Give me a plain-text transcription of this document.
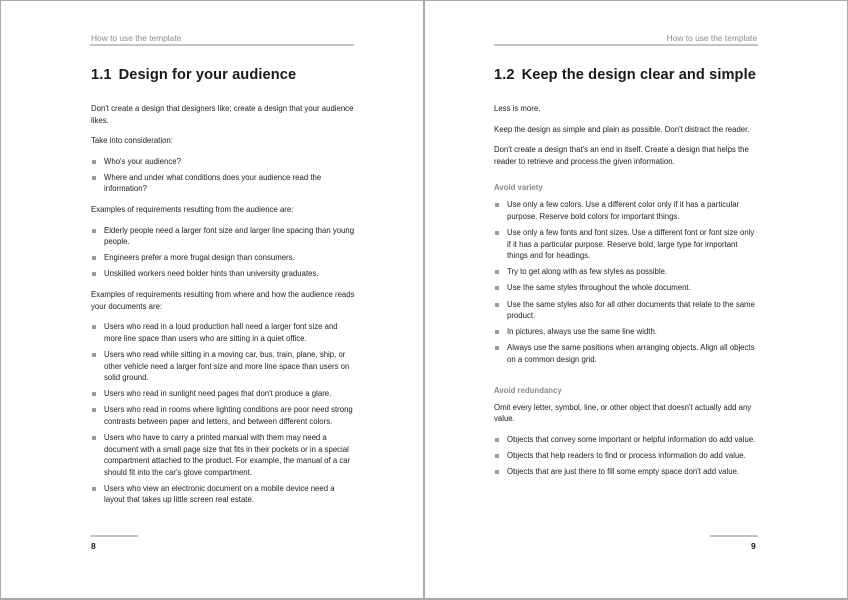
How to use the template
1.1 Design for your audience

Don't create a design that designers like; create a design that your audience likes.

Take into consideration:

Who's your audience?
Where and under what conditions does your audience read the information?

Examples of requirements resulting from the audience are:

Elderly people need a larger font size and larger line spacing than young people.
Engineers prefer a more frugal design than consumers.
Unskilled workers need bolder hints than university graduates.

Examples of requirements resulting from where and how the audience reads your documents are:

Users who read in a loud production hall need a larger font size and more line space than users who are sitting in a quiet office.
Users who read while sitting in a moving car, bus, train, plane, ship, or other vehicle need a larger font size and more line space than users on solid ground.
Users who read in sunlight need pages that don't produce a glare.
Users who read in rooms where lighting conditions are poor need strong contrasts between paper and letters, and between different colors.
Users who have to carry a printed manual with them may need a document with a small page size that fits in their pockets or in a special compartment attached to the product. For example, the manual of a car should fit into the car's glove compartment.
Users who view an electronic document on a mobile device need a layout that takes up little screen real estate.
8
How to use the template
1.2 Keep the design clear and simple

Less is more.

Keep the design as simple and plain as possible. Don't distract the reader.

Don't create a design that's an end in itself. Create a design that helps the reader to retrieve and process the given information.

Avoid variety
Use only a few colors. Use a different color only if it has a particular purpose. Reserve bold colors for important things.
Use only a few fonts and font sizes. Use a different font or font size only if it has a particular purpose. Reserve bold, large type for important things and for headings.
Try to get along with as few styles as possible.
Use the same styles throughout the whole document.
Use the same styles also for all other documents that relate to the same product.
In pictures, always use the same line width.
Always use the same positions when arranging objects. Align all objects on a common design grid.
Avoid redundancy

Omit every letter, symbol, line, or other object that doesn't actually add any value.

Objects that convey some important or helpful information do add value.
Objects that help readers to find or process information do add value.
Objects that are just there to fill some empty space don't add value.
9
